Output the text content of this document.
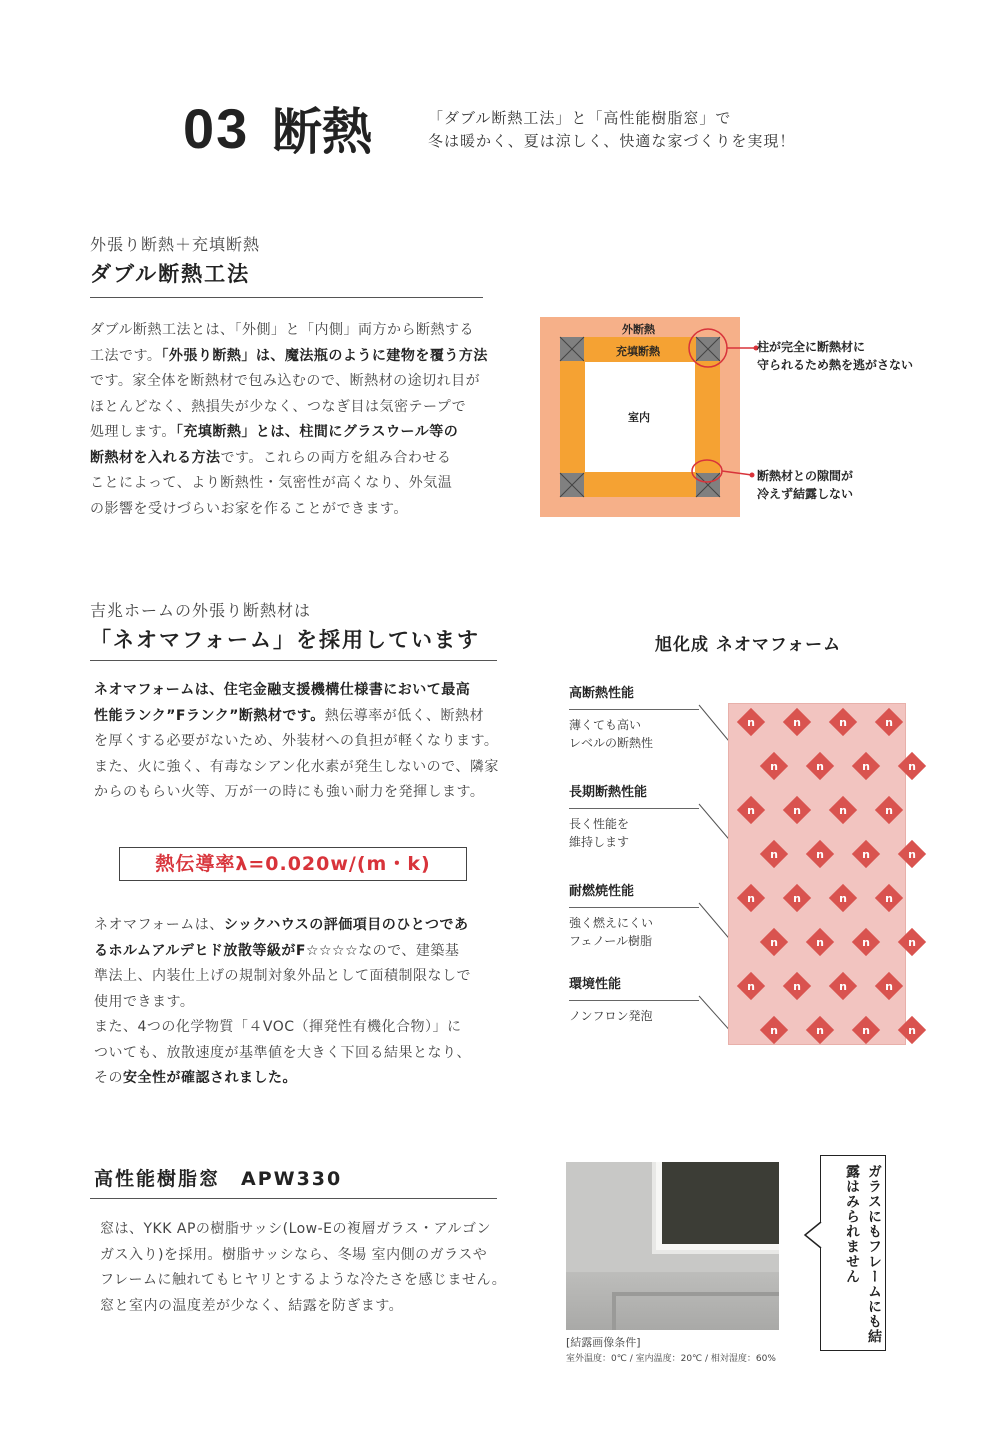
03 断熱	「ダブル断熱工法」と「高性能樹脂窓」で
冬は暖かく、夏は涼しく、快適な家づくりを実現！
外張り断熱＋充填断熱
ダブル断熱工法
ダブル断熱工法とは、「外側」と「内側」両方から断熱する
工法です。「外張り断熱」は、魔法瓶のように建物を覆う方法
です。家全体を断熱材で包み込むので、断熱材の途切れ目が
ほとんどなく、熱損失が少なく、つなぎ目は気密テープで
処理します。「充填断熱」とは、柱間にグラスウール等の
断熱材を入れる方法です。これらの両方を組み合わせる
ことによって、より断熱性・気密性が高くなり、外気温
の影響を受けづらいお家を作ることができます。
外断熱
充填断熱
室内
柱が完全に断熱材に
守られるため熱を逃がさない
断熱材との隙間が
冷えず結露しない
吉兆ホームの外張り断熱材は
「ネオマフォーム」を採用しています
ネオマフォームは、住宅金融支援機構仕様書において最高
性能ランク”Fランク”断熱材です。熱伝導率が低く、断熱材
を厚くする必要がないため、外装材への負担が軽くなります。
また、火に強く、有毒なシアン化水素が発生しないので、隣家
からのもらい火等、万が一の時にも強い耐力を発揮します。
熱伝導率λ=0.020w/(m・k)
ネオマフォームは、シックハウスの評価項目のひとつであ
るホルムアルデヒド放散等級がF☆☆☆☆なので、建築基
準法上、内装仕上げの規制対象外品として面積制限なしで
使用できます。
また、4つの化学物質「４VOC（揮発性有機化合物）」に
ついても、放散速度が基準値を大きく下回る結果となり、
その安全性が確認されました。
旭化成 ネオマフォーム
高断熱性能
薄くても高い
レベルの断熱性
長期断熱性能
長く性能を
維持します
耐燃焼性能
強く燃えにくい
フェノール樹脂
環境性能
ノンフロン発泡
n	n	n	n
n	n	n	n
n	n	n	n
n	n	n	n
n	n	n	n
n	n	n	n
n	n	n	n
n	n	n	n
高性能樹脂窓　APW330
窓は、YKK APの樹脂サッシ(Low-Eの複層ガラス・アルゴン
ガス入り)を採用。樹脂サッシなら、冬場 室内側のガラスや
フレームに触れてもヒヤリとするような冷たさを感じません。
窓と室内の温度差が少なく、結露を防ぎます。
[結露画像条件]
室外温度：0℃ / 室内温度：20℃ / 相対湿度：60%
ガラスにもフレームにも結露はみられません
